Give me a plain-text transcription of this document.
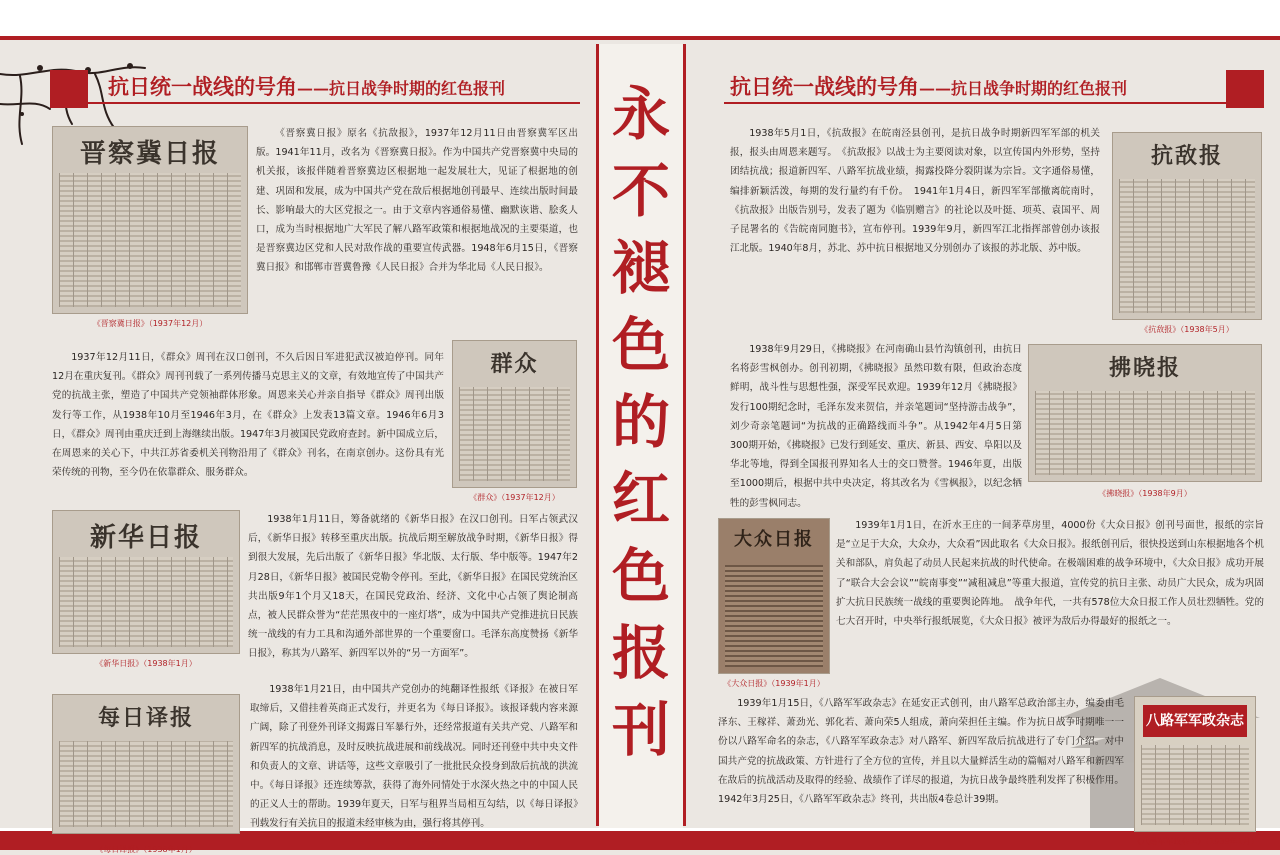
抗日统一战线的号角——抗日战争时期的红色报刊
晋察冀日报
《晋察冀日报》（1937年12月）
《晋察冀日报》原名《抗敌报》，1937年12月11日由晋察冀军区出版。1941年11月，改名为《晋察冀日报》。作为中国共产党晋察冀中央局的机关报，该报伴随着晋察冀边区根据地一起发展壮大，见证了根据地的创建、巩固和发展，成为中国共产党在敌后根据地创刊最早、连续出版时间最长、影响最大的大区党报之一。由于文章内容通俗易懂、幽默诙谐、脍炙人口，成为当时根据地广大军民了解八路军政策和根据地战况的主要渠道，也是晋察冀边区党和人民对敌作战的重要宣传武器。1948年6月15日，《晋察冀日报》和邯郸市晋冀鲁豫《人民日报》合并为华北局《人民日报》。
1937年12月11日，《群众》周刊在汉口创刊，不久后因日军进犯武汉被迫停刊。同年 12月在重庆复刊。《群众》周刊刊载了一系列传播马克思主义的文章，有效地宣传了中国共产党的抗战主张，塑造了中国共产党领袖群体形象。周恩来关心并亲自指导《群众》周刊出版发行等工作，从1938年10月至1946年3月，在《群众》上发表13篇文章。1946年6月3日，《群众》周刊由重庆迁到上海继续出版。1947年3月被国民党政府查封。新中国成立后，在周恩来的关心下，中共江苏省委机关刊物沿用了《群众》刊名，在南京创办。这份具有光荣传统的刊物，至今仍在依靠群众、服务群众。
群众
《群众》（1937年12月）
新华日报
《新华日报》（1938年1月）
1938年1月11日，筹备就绪的《新华日报》在汉口创刊。日军占领武汉后，《新华日报》转移至重庆出版。抗战后期至解放战争时期，《新华日报》得到很大发展，先后出版了《新华日报》华北版、太行版、华中版等。1947年2月28日，《新华日报》被国民党勒令停刊。至此，《新华日报》在国民党统治区共出版9年1个月又18天，在国民党政治、经济、文化中心占领了舆论制高点，被人民群众誉为“茫茫黑夜中的一座灯塔”，成为中国共产党推进抗日民族统一战线的有力工具和沟通外部世界的一个重要窗口。毛泽东高度赞扬《新华日报》，称其为八路军、新四军以外的“另一方面军”。
1938年1月21日，由中国共产党创办的纯翻译性报纸《译报》在被日军取缔后，又借挂着英商正式发行，并更名为《每日译报》。该报译载内容来源广阔，除了刊登外刊译文揭露日军暴行外，还经常报道有关共产党、八路军和新四军的抗战消息，及时反映抗战进展和前线战况。同时还刊登中共中央文件和负责人的文章、讲话等，这些文章吸引了一批批民众投身到敌后抗战的洪流中。《每日译报》还连续筹款，获得了海外同情处于水深火热之中的中国人民的正义人士的帮助。1939年夏天，日军与租界当局相互勾结，以《每日译报》刊载发行有关抗日的报道未经审核为由，强行将其停刊。
每日译报
《每日译报》（1938年1月）
永
不
褪
色
的
红
色
报
刊
抗日统一战线的号角——抗日战争时期的红色报刊
1938年5月1日，《抗敌报》在皖南泾县创刊，是抗日战争时期新四军军部的机关报，报头由周恩来题写。　《抗敌报》以战士为主要阅读对象，以宣传国内外形势，坚持团结抗战；报道新四军、八路军抗战业绩，揭露投降分裂阴谋为宗旨。文字通俗易懂，编排新颖活泼，每期的发行量约有千份。　1941年1月4日，新四军军部撤离皖南时，《抗敌报》出版告别号，发表了题为《临别赠言》的社论以及叶挺、项英、袁国平、周子昆署名的《告皖南同胞书》，宣布停刊。1939年9月，新四军江北指挥部曾创办该报江北版。1940年8月，苏北、苏中抗日根据地又分别创办了该报的苏北版、苏中版。
抗敌报
《抗敌报》（1938年5月）
1938年9月29日，《拂晓报》在河南确山县竹沟镇创刊，由抗日名将彭雪枫创办。创刊初期，《拂晓报》虽然印数有限，但政治态度鲜明，战斗性与思想性强，深受军民欢迎。1939年12月《拂晓报》发行100期纪念时，毛泽东发来贺信，并亲笔题词“坚持游击战争”，刘少奇亲笔题词“为抗战的正确路线而斗争”。从1942年4月5日第300期开始，《拂晓报》已发行到延安、重庆、新县、西安、阜阳以及华北等地，得到全国报刊界知名人士的交口赞誉。1946年夏，出版至1000期后，根据中共中央决定，将其改名为《雪枫报》，以纪念牺牲的彭雪枫同志。
拂晓报
《拂晓报》（1938年9月）
大众日报
《大众日报》（1939年1月）
1939年1月1日，在沂水王庄的一间茅草房里，4000份《大众日报》创刊号面世，报纸的宗旨是“立足于大众，大众办，大众看”因此取名《大众日报》。报纸创刊后，很快投送到山东根据地各个机关和部队，肩负起了动员人民起来抗战的时代使命。在极端困难的战争环境中，《大众日报》成功开展了“联合大会会议”“皖南事变”“减租减息”等重大报道，宣传党的抗日主张、动员广大民众，成为巩固扩大抗日民族统一战线的重要舆论阵地。　战争年代，一共有578位大众日报工作人员壮烈牺牲。党的七大召开时，中央举行报纸展览，《大众日报》被评为敌后办得最好的报纸之一。
1939年1月15日，《八路军军政杂志》在延安正式创刊，由八路军总政治部主办，编委由毛泽东、王稼祥、萧劲光、郭化若、萧向荣5人组成，萧向荣担任主编。作为抗日战争时期唯一一份以八路军命名的杂志，《八路军军政杂志》对八路军、新四军敌后抗战进行了专门介绍。对中国共产党的抗战政策、方针进行了全方位的宣传，并且以大量鲜活生动的篇幅对八路军和新四军在敌后的抗战活动及取得的经验、战绩作了详尽的报道，为抗日战争最终胜利发挥了积极作用。1942年3月25日，《八路军军政杂志》终刊，共出版4卷总计39期。
八路军军政杂志
《八路军军政杂志》（1939年1月）
